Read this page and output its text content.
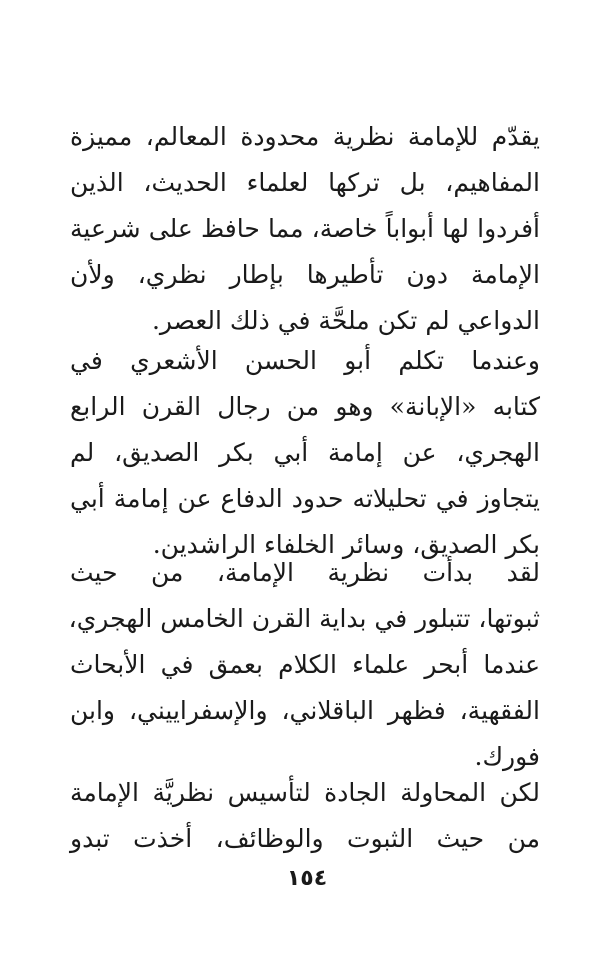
يقدّم للإمامة نظرية محدودة المعالم، مميزة
المفاهيم، بل تركها لعلماء الحديث، الذين
أفردوا لها أبواباً خاصة، مما حافظ على شرعية
الإمامة دون تأطيرها بإطار نظري، ولأن
الدواعي لم تكن ملحَّة في ذلك العصر.
وعندما تكلم أبو الحسن الأشعري في
كتابه «الإبانة» وهو من رجال القرن الرابع
الهجري، عن إمامة أبي بكر الصديق، لم
يتجاوز في تحليلاته حدود الدفاع عن إمامة أبي
بكر الصديق، وسائر الخلفاء الراشدين.
لقد بدأت نظرية الإمامة، من حيث
ثبوتها، تتبلور في بداية القرن الخامس الهجري،
عندما أبحر علماء الكلام بعمق في الأبحاث
الفقهية، فظهر الباقلاني، والإسفراييني، وابن
فورك.
لكن المحاولة الجادة لتأسيس نظريَّة الإمامة
من حيث الثبوت والوظائف، أخذت تبدو
١٥٤
